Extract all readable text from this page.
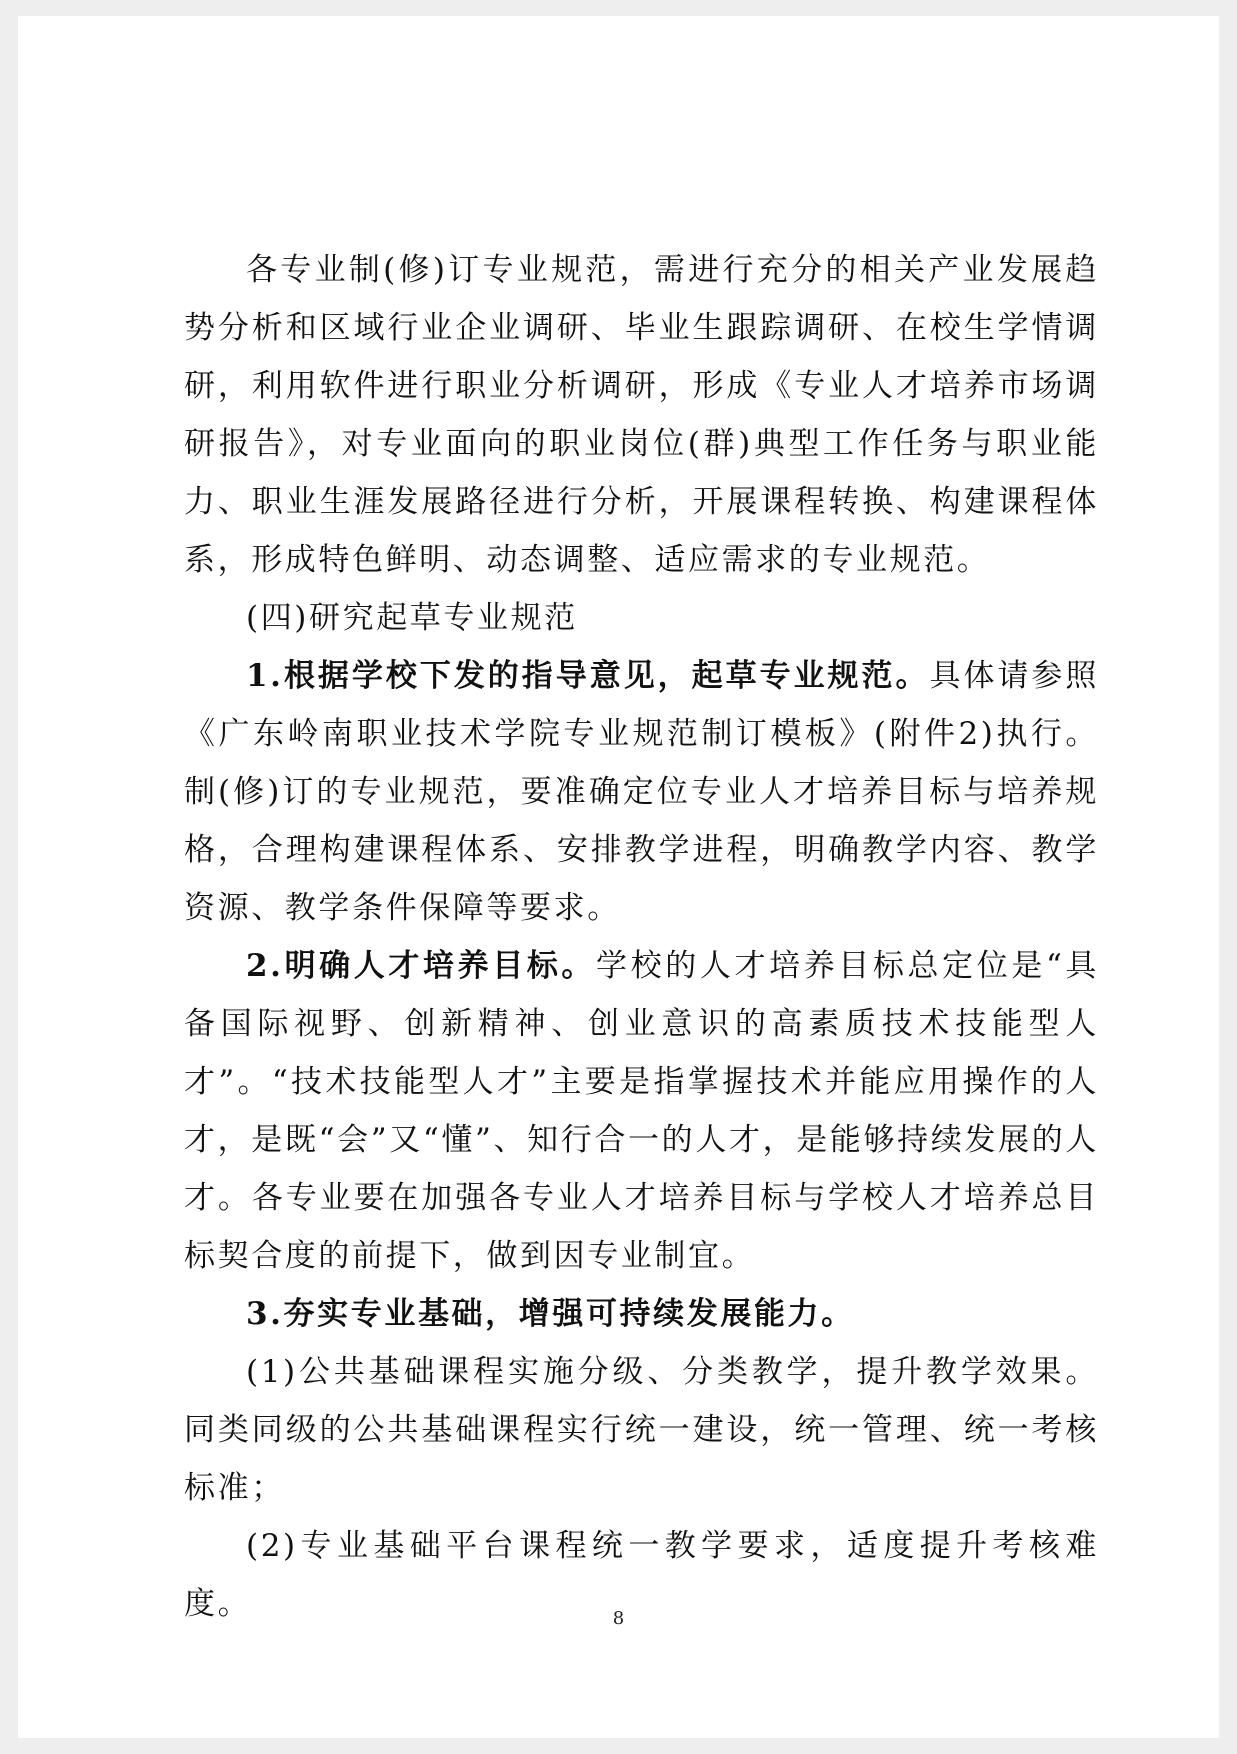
各专业制(修)订专业规范，需进行充分的相关产业发展趋势分析和区域行业企业调研、毕业生跟踪调研、在校生学情调研，利用软件进行职业分析调研，形成《专业人才培养市场调研报告》，对专业面向的职业岗位(群)典型工作任务与职业能力、职业生涯发展路径进行分析，开展课程转换、构建课程体系，形成特色鲜明、动态调整、适应需求的专业规范。

(四)研究起草专业规范

1.根据学校下发的指导意见，起草专业规范。具体请参照《广东岭南职业技术学院专业规范制订模板》(附件2)执行。制(修)订的专业规范，要准确定位专业人才培养目标与培养规格，合理构建课程体系、安排教学进程，明确教学内容、教学资源、教学条件保障等要求。

2.明确人才培养目标。学校的人才培养目标总定位是“具备国际视野、创新精神、创业意识的高素质技术技能型人才”。“技术技能型人才”主要是指掌握技术并能应用操作的人才，是既“会”又“懂”、知行合一的人才，是能够持续发展的人才。各专业要在加强各专业人才培养目标与学校人才培养总目标契合度的前提下，做到因专业制宜。

3.夯实专业基础，增强可持续发展能力。

(1)公共基础课程实施分级、分类教学，提升教学效果。同类同级的公共基础课程实行统一建设，统一管理、统一考核标准；

(2)专业基础平台课程统一教学要求，适度提升考核难度。	8
